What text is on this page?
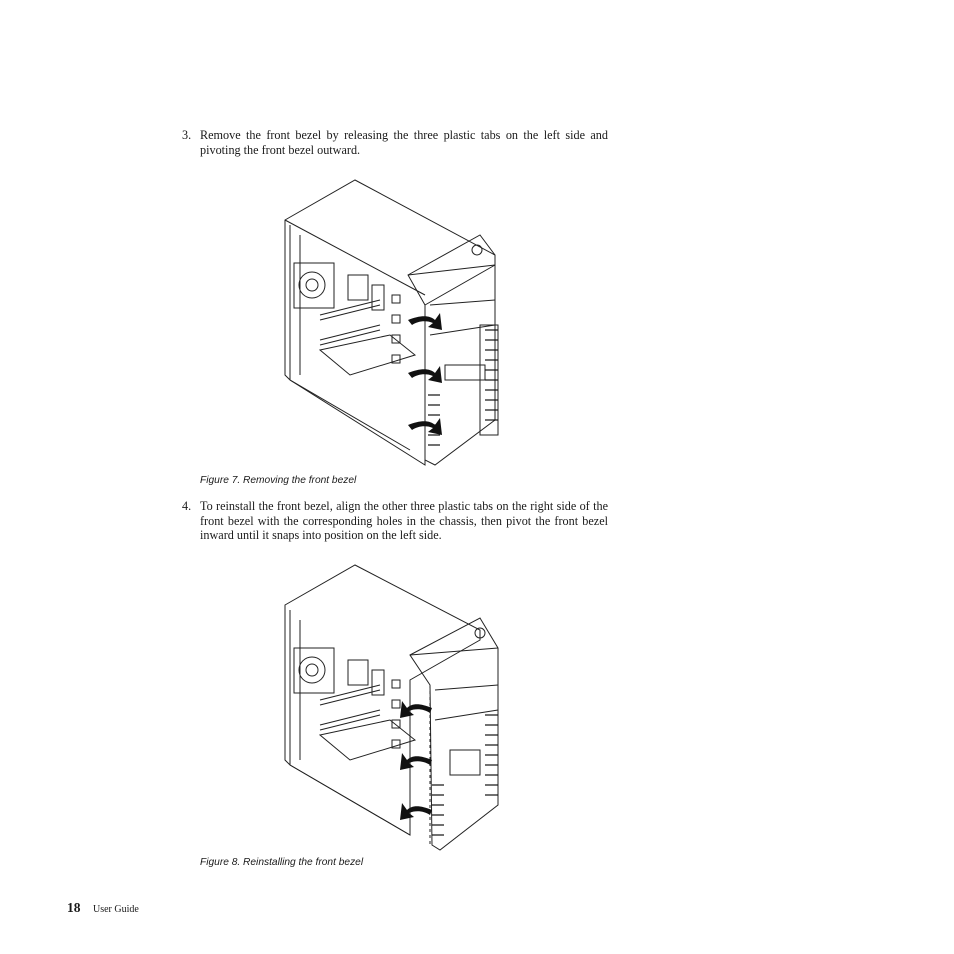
3. Remove the front bezel by releasing the three plastic tabs on the left side and pivoting the front bezel outward.
Figure 7. Removing the front bezel
4. To reinstall the front bezel, align the other three plastic tabs on the right side of the front bezel with the corresponding holes in the chassis, then pivot the front bezel inward until it snaps into position on the left side.
Figure 8. Reinstalling the front bezel
18 User Guide
